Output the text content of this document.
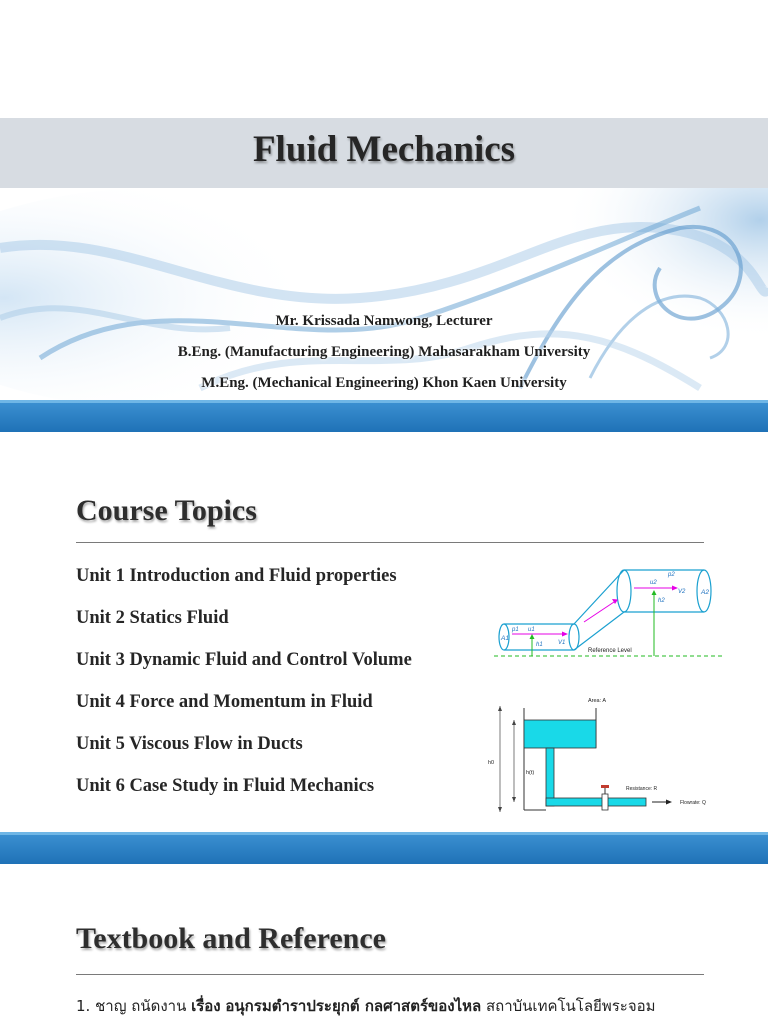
Fluid Mechanics
Mr. Krissada Namwong, Lecturer
B.Eng. (Manufacturing Engineering) Mahasarakham University
M.Eng. (Mechanical Engineering) Khon Kaen University
Course Topics
Unit 1 Introduction and Fluid properties
Unit 2 Statics Fluid
Unit 3 Dynamic Fluid and Control Volume
Unit 4 Force and Momentum in Fluid
Unit 5 Viscous Flow in Ducts
Unit 6 Case Study in Fluid Mechanics
Reference Level
A1
A2
p1 u1
V1
h1
p2
u2
V2
h2
Area: A
h0
h(t)
Resistance: R
Flowrate: Q
Textbook and Reference
1. ชาญ ถนัดงาน เรื่อง อนุกรมตำราประยุกต์ กลศาสตร์ของไหล สถาบันเทคโนโลยีพระจอม
